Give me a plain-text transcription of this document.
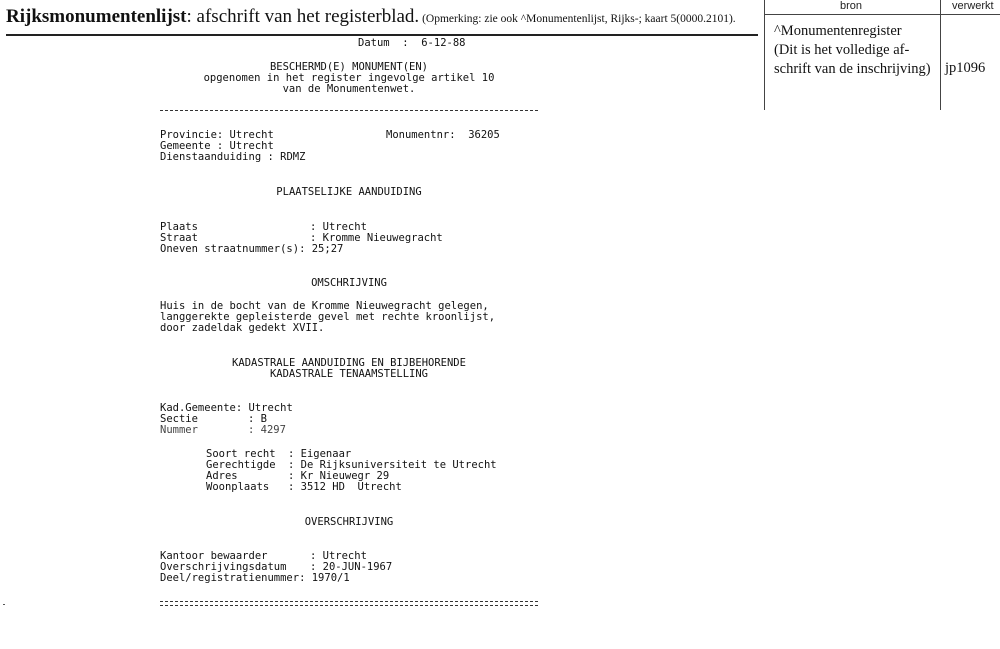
Rijksmonumentenlijst: afschrift van het registerblad. (Opmerking: zie ook ^Monumentenlijst, Rijks-; kaart 5(0000.2101).
bron	verwerkt
^Monumentenregister
(Dit is het volledige af-
schrift van de inschrijving) jp1096
Datum  : 6-12-88
BESCHERMD(E) MONUMENT(EN)
opgenomen in het register ingevolge artikel 10
van de Monumentenwet.
Provincie: Utrecht	Monumentnr: 36205
Gemeente : Utrecht
Dienstaanduiding : RDMZ
PLAATSELIJKE AANDUIDING
Plaats	: Utrecht
Straat	: Kromme Nieuwegracht
Oneven straatnummer(s): 25;27
OMSCHRIJVING
Huis in de bocht van de Kromme Nieuwegracht gelegen,
langgerekte gepleisterde gevel met rechte kroonlijst,
door zadeldak gedekt XVII.
KADASTRALE AANDUIDING EN BIJBEHORENDE
KADASTRALE TENAAMSTELLING
Kad.Gemeente: Utrecht
Sectie	: B
Nummer	: 4297
Soort recht : Eigenaar
Gerechtigde : De Rijksuniversiteit te Utrecht
Adres	: Kr Nieuwegr 29
Woonplaats : 3512 HD  Utrecht
OVERSCHRIJVING
Kantoor bewaarder	: Utrecht
Overschrijvingsdatum : 20-JUN-1967
Deel/registratienummer: 1970/1
